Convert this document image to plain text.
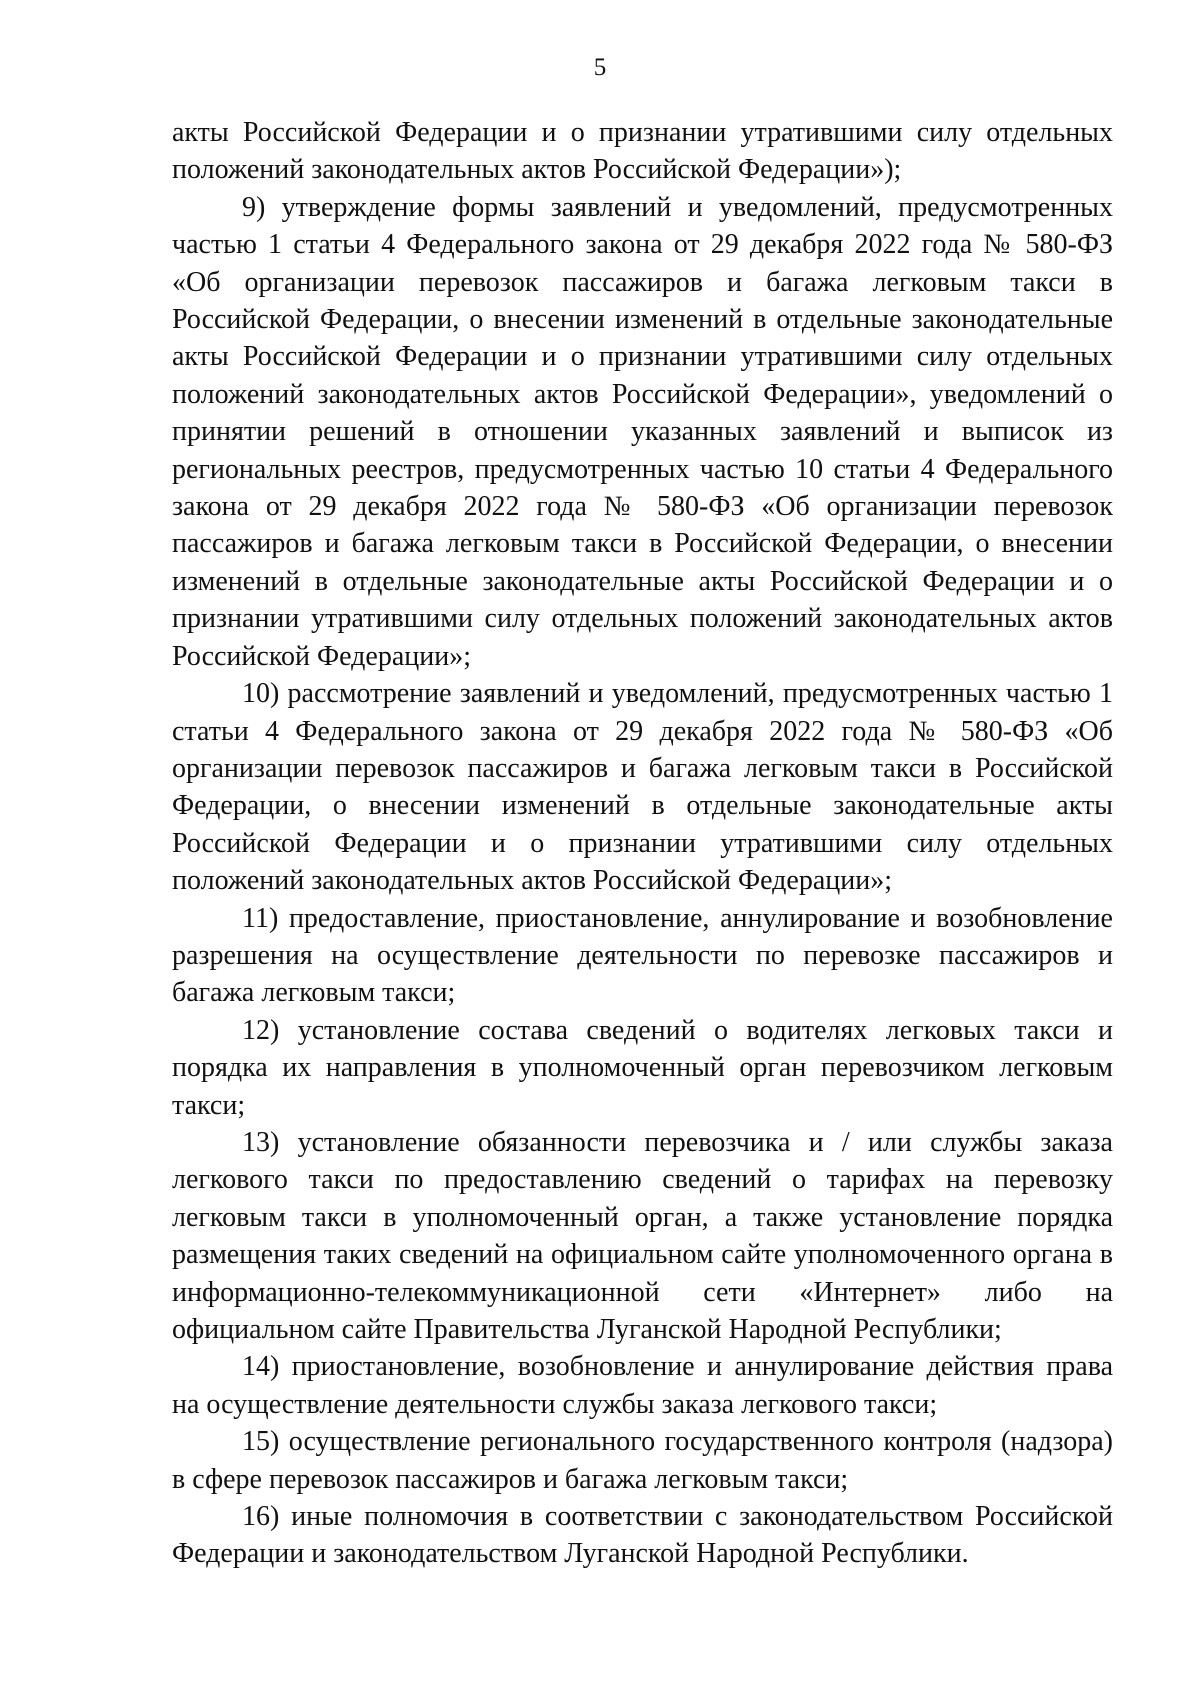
5

акты Российской Федерации и о признании утратившими силу отдельных положений законодательных актов Российской Федерации»);

9) утверждение формы заявлений и уведомлений, предусмотренных частью 1 статьи 4 Федерального закона от 29 декабря 2022 года № 580-ФЗ «Об организации перевозок пассажиров и багажа легковым такси в Российской Федерации, о внесении изменений в отдельные законодательные акты Российской Федерации и о признании утратившими силу отдельных положений законодательных актов Российской Федерации», уведомлений о принятии решений в отношении указанных заявлений и выписок из региональных реестров, предусмотренных частью 10 статьи 4 Федерального закона от 29 декабря 2022 года № 580-ФЗ «Об организации перевозок пассажиров и багажа легковым такси в Российской Федерации, о внесении изменений в отдельные законодательные акты Российской Федерации и о признании утратившими силу отдельных положений законодательных актов Российской Федерации»;

10) рассмотрение заявлений и уведомлений, предусмотренных частью 1 статьи 4 Федерального закона от 29 декабря 2022 года № 580-ФЗ «Об организации перевозок пассажиров и багажа легковым такси в Российской Федерации, о внесении изменений в отдельные законодательные акты Российской Федерации и о признании утратившими силу отдельных положений законодательных актов Российской Федерации»;

11) предоставление, приостановление, аннулирование и возобновление разрешения на осуществление деятельности по перевозке пассажиров и багажа легковым такси;

12) установление состава сведений о водителях легковых такси и порядка их направления в уполномоченный орган перевозчиком легковым такси;

13) установление обязанности перевозчика и / или службы заказа легкового такси по предоставлению сведений о тарифах на перевозку легковым такси в уполномоченный орган, а также установление порядка размещения таких сведений на официальном сайте уполномоченного органа в информационно-телекоммуникационной сети «Интернет» либо на официальном сайте Правительства Луганской Народной Республики;

14) приостановление, возобновление и аннулирование действия права на осуществление деятельности службы заказа легкового такси;

15) осуществление регионального государственного контроля (надзора) в сфере перевозок пассажиров и багажа легковым такси;

16) иные полномочия в соответствии с законодательством Российской Федерации и законодательством Луганской Народной Республики.
